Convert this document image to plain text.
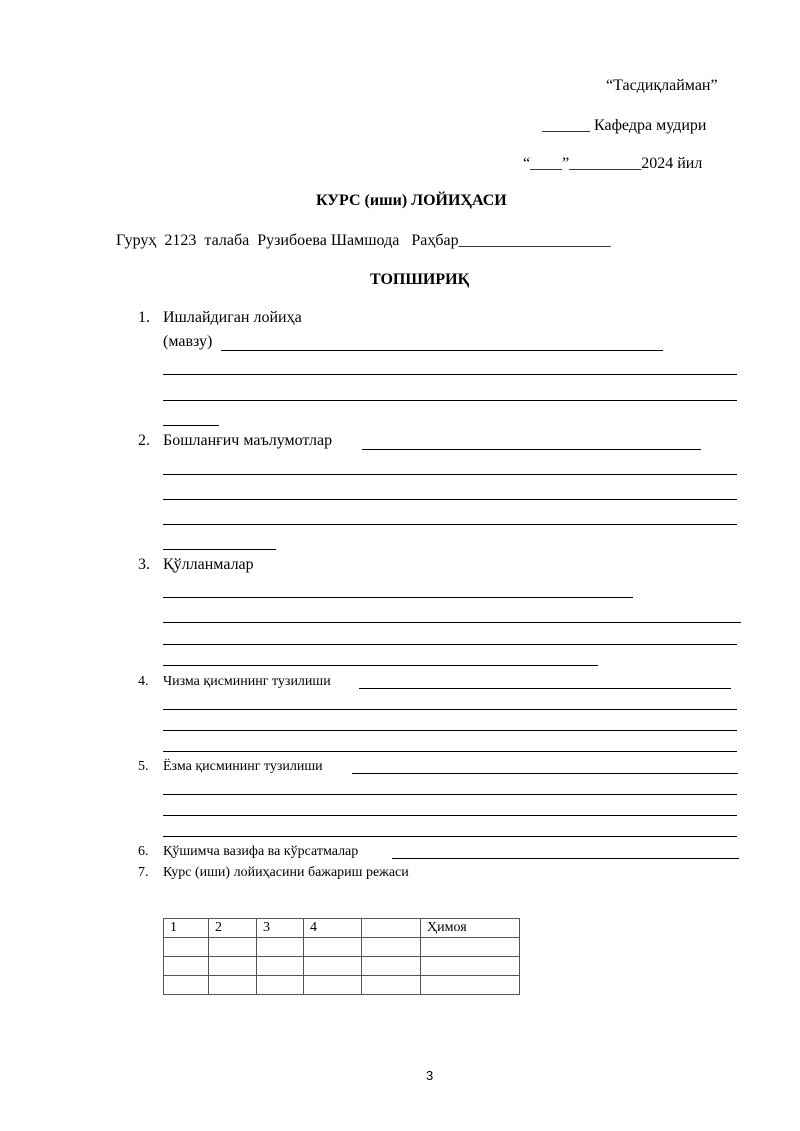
“Тасдиқлайман”
______ Кафедра мудири
“____”_________2024 йил
КУРС (иши) ЛОЙИҲАСИ
Гуруҳ  2123  талаба  Рузибоева Шамшода   Раҳбар___________________
ТОПШИРИҚ
1. Ишлайдиган лойиҳа
(мавзу)
2. Бошланғич маълумотлар
3. Қўлланмалар
4. Чизма қисмининг тузилиши
5. Ёзма қисмининг тузилиши
6. Қўшимча вазифа ва кўрсатмалар
7. Курс (иши) лойиҳасини бажариш режаси
1	2	3	4		Ҳимоя

3
